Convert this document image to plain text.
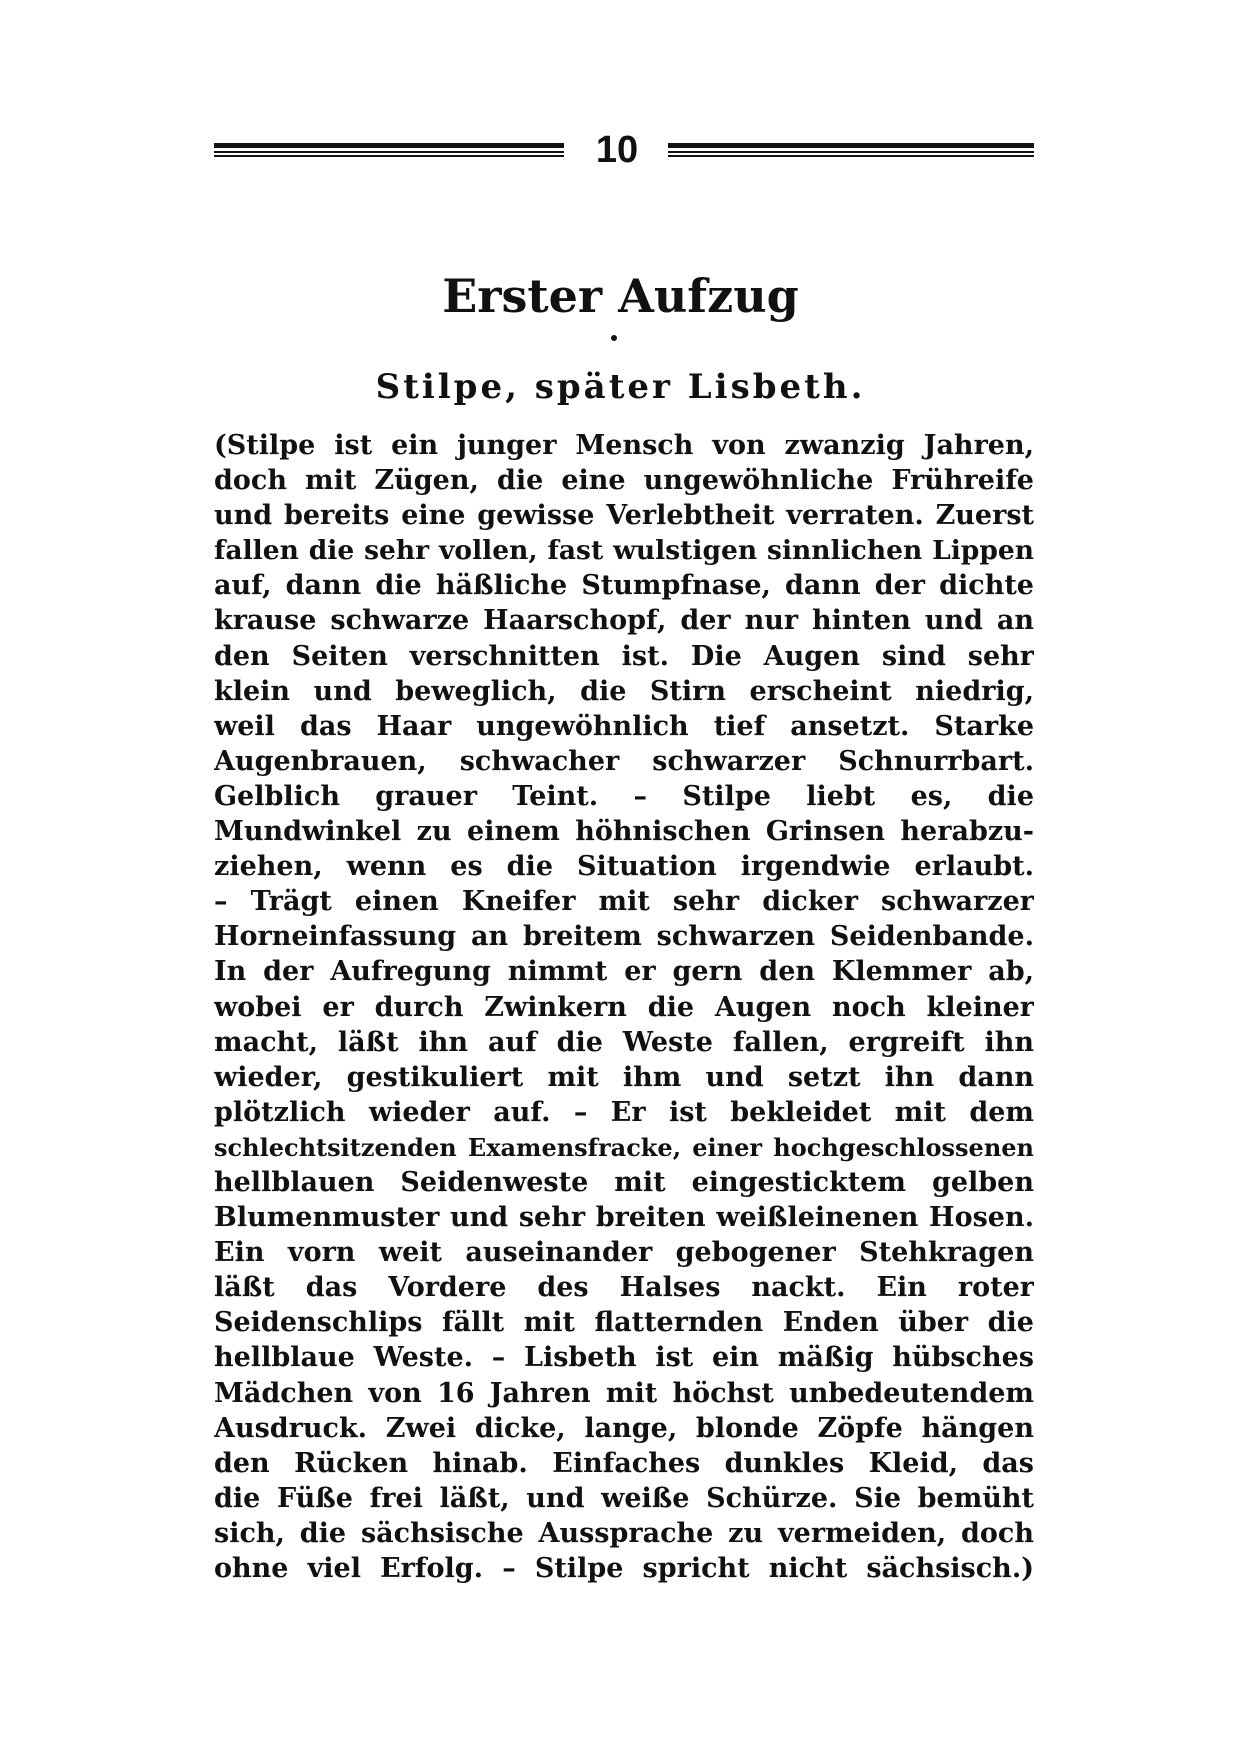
10
Erster Aufzug
Stilpe, später Lisbeth.
(Stilpe ist ein junger Mensch von zwanzig Jahren,
doch mit Zügen, die eine ungewöhnliche Frühreife
und bereits eine gewisse Verlebtheit verraten. Zuerst
fallen die sehr vollen, fast wulstigen sinnlichen Lippen
auf, dann die häßliche Stumpfnase, dann der dichte
krause schwarze Haarschopf, der nur hinten und an
den Seiten verschnitten ist. Die Augen sind sehr
klein und beweglich, die Stirn erscheint niedrig,
weil das Haar ungewöhnlich tief ansetzt. Starke
Augenbrauen, schwacher schwarzer Schnurrbart.
Gelblich grauer Teint. – Stilpe liebt es, die
Mundwinkel zu einem höhnischen Grinsen herabzu-
ziehen, wenn es die Situation irgendwie erlaubt.
– Trägt einen Kneifer mit sehr dicker schwarzer
Horneinfassung an breitem schwarzen Seidenbande.
In der Aufregung nimmt er gern den Klemmer ab,
wobei er durch Zwinkern die Augen noch kleiner
macht, läßt ihn auf die Weste fallen, ergreift ihn
wieder, gestikuliert mit ihm und setzt ihn dann
plötzlich wieder auf. – Er ist bekleidet mit dem
schlechtsitzenden Examensfracke, einer hochgeschlossenen
hellblauen Seidenweste mit eingesticktem gelben
Blumenmuster und sehr breiten weißleinenen Hosen.
Ein vorn weit auseinander gebogener Stehkragen
läßt das Vordere des Halses nackt. Ein roter
Seidenschlips fällt mit flatternden Enden über die
hellblaue Weste. – Lisbeth ist ein mäßig hübsches
Mädchen von 16 Jahren mit höchst unbedeutendem
Ausdruck. Zwei dicke, lange, blonde Zöpfe hängen
den Rücken hinab. Einfaches dunkles Kleid, das
die Füße frei läßt, und weiße Schürze. Sie bemüht
sich, die sächsische Aussprache zu vermeiden, doch
ohne viel Erfolg. – Stilpe spricht nicht sächsisch.)
